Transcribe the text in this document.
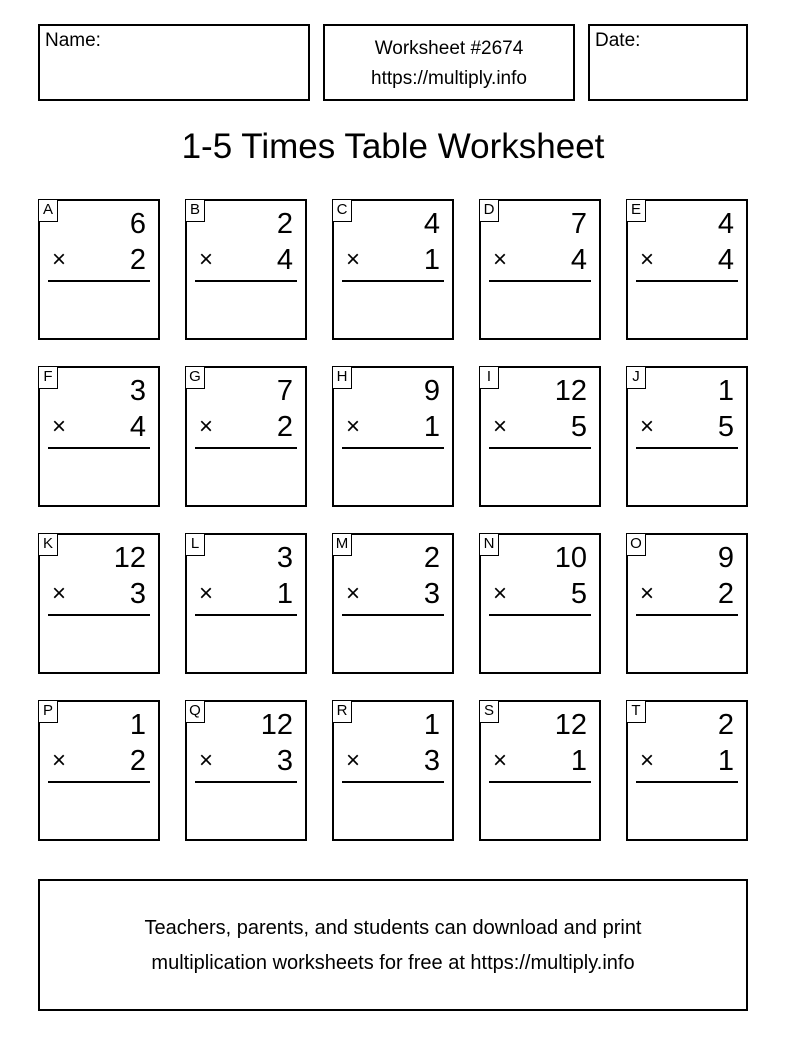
Name:	Worksheet #2674
https://multiply.info
Date:
1-5 Times Table Worksheet
A	6
× 2
B	2
× 4
C	4
× 1
D	7
× 4
E	4
× 4
F	3
× 4
G	7
× 2
H	9
× 1
I 12
× 5
J	1
× 5
K 12
× 3
L	3
× 1
M	2
× 3
N 10
× 5
O	9
× 2
P	1
× 2
Q 12
× 3
R	1
× 3
S 12
× 1
T	2
× 1
Teachers, parents, and students can download and print
multiplication worksheets for free at https://multiply.info
